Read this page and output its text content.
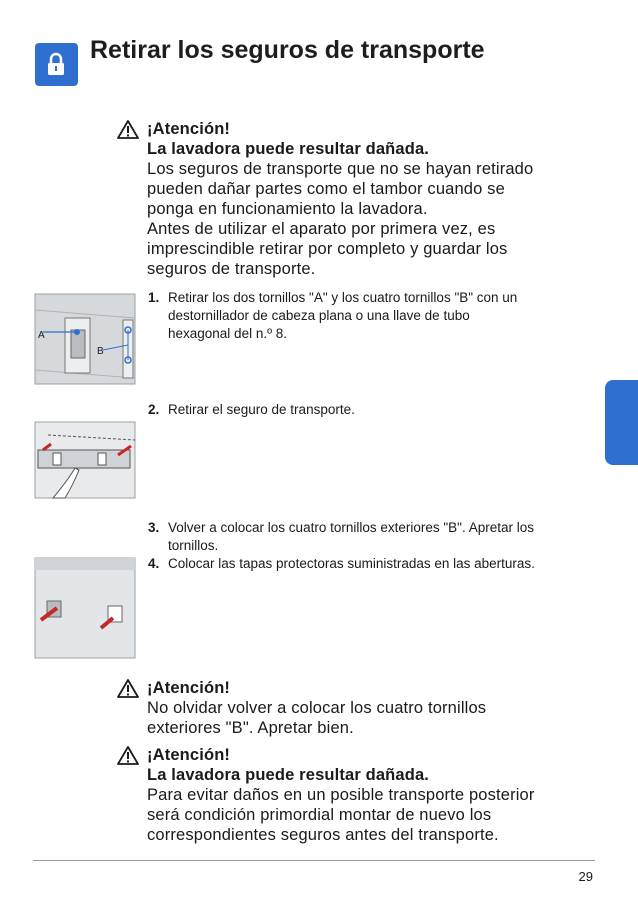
Retirar los seguros de transporte
¡Atención!
La lavadora puede resultar dañada.
Los seguros de transporte que no se hayan retirado
pueden dañar partes como el tambor cuando se
ponga en funcionamiento la lavadora.
Antes de utilizar el aparato por primera vez, es
imprescindible retirar por completo y guardar los
seguros de transporte.
A
B
1. Retirar los dos tornillos "A" y los cuatro tornillos "B" con un
destornillador de cabeza plana o una llave de tubo
hexagonal del n.º 8.
2. Retirar el seguro de transporte.
3. Volver a colocar los cuatro tornillos exteriores "B". Apretar los
tornillos.
4. Colocar las tapas protectoras suministradas en las aberturas.
¡Atención!
No olvidar volver a colocar los cuatro tornillos
exteriores "B". Apretar bien.
¡Atención!
La lavadora puede resultar dañada.
Para evitar daños en un posible transporte posterior
será condición primordial montar de nuevo los
correspondientes seguros antes del transporte.
29
